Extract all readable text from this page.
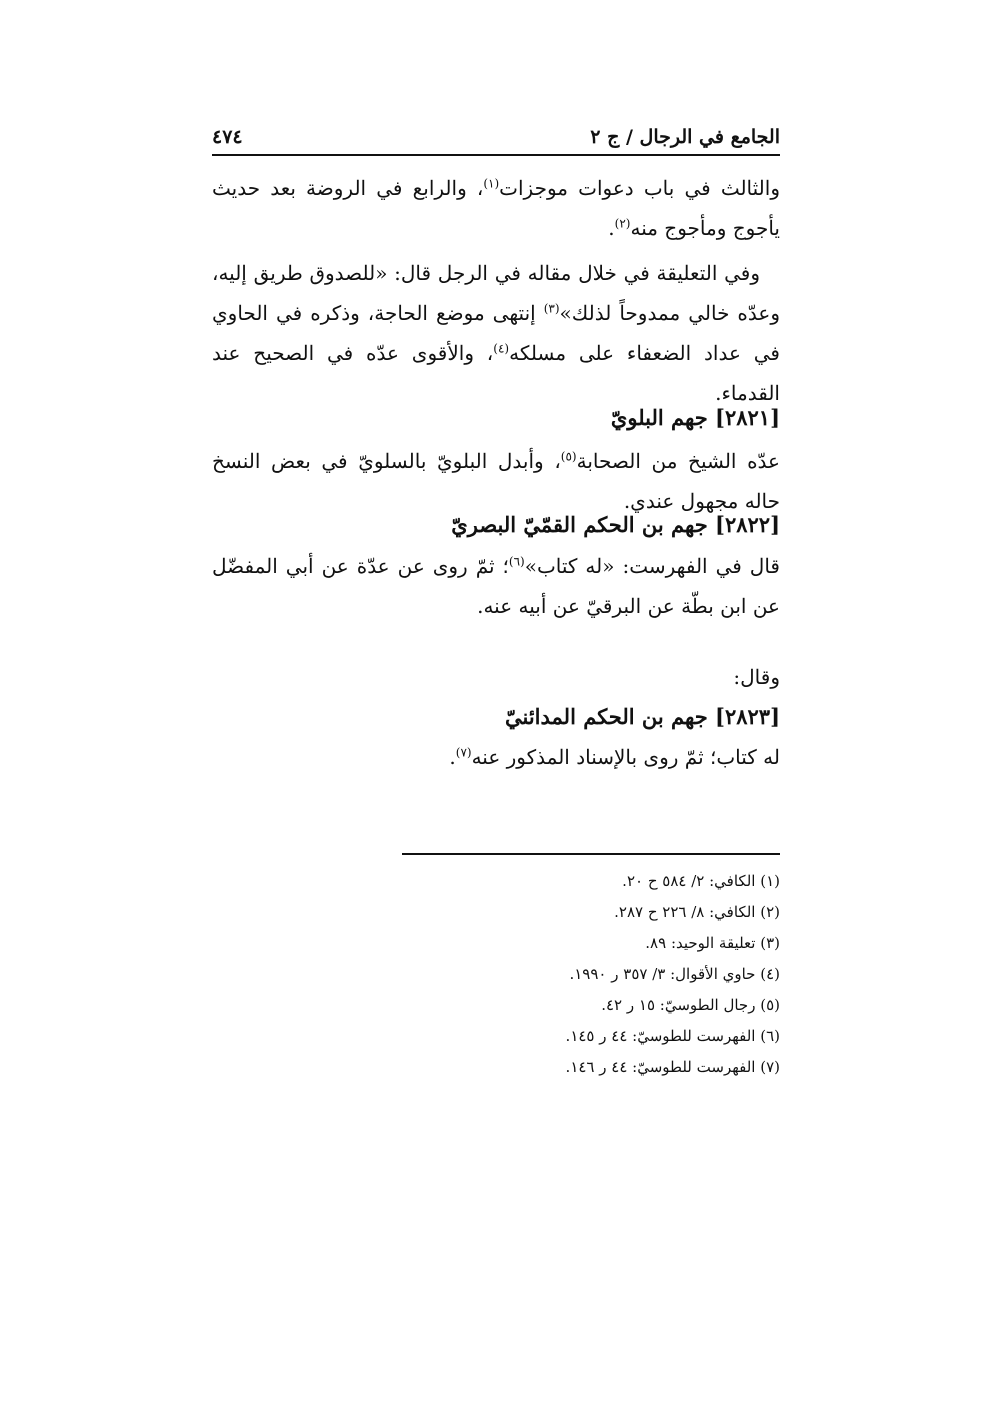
الجامع في الرجال / ج ٢
٤٧٤

والثالث في باب دعوات موجزات$^{(١)}$، والرابع في الروضة بعد حديث يأجوج ومأجوج منه$^{(٢)}$.

وفي التعليقة في خلال مقاله في الرجل قال: «للصدوق طريق إليه، وعدّه خالي ممدوحاً لذلك»$^{(٣)}$ إنتهى موضع الحاجة، وذكره في الحاوي في عداد الضعفاء على مسلكه$^{(٤)}$، والأقوى عدّه في الصحيح عند القدماء.

[٢٨٢١] جهم البلويّ

عدّه الشيخ من الصحابة$^{(٥)}$، وأبدل البلويّ بالسلويّ في بعض النسخ حاله مجهول عندي.

[٢٨٢٢] جهم بن الحكم القمّيّ البصريّ

قال في الفهرست: «له كتاب»$^{(٦)}$؛ ثمّ روى عن عدّة عن أبي المفضّل عن ابن بطّة عن البرقيّ عن أبيه عنه.

وقال:

[٢٨٢٣] جهم بن الحكم المدائنيّ

له كتاب؛ ثمّ روى بالإسناد المذكور عنه$^{(٧)}$.

(١) الكافي: ٢/ ٥٨٤ ح ٢٠.
(٢) الكافي: ٨/ ٢٢٦ ح ٢٨٧.
(٣) تعليقة الوحيد: ٨٩.
(٤) حاوي الأقوال: ٣/ ٣٥٧ ر ١٩٩٠.
(٥) رجال الطوسيّ: ١٥ ر ٤٢.
(٦) الفهرست للطوسيّ: ٤٤ ر ١٤٥.
(٧) الفهرست للطوسيّ: ٤٤ ر ١٤٦.
